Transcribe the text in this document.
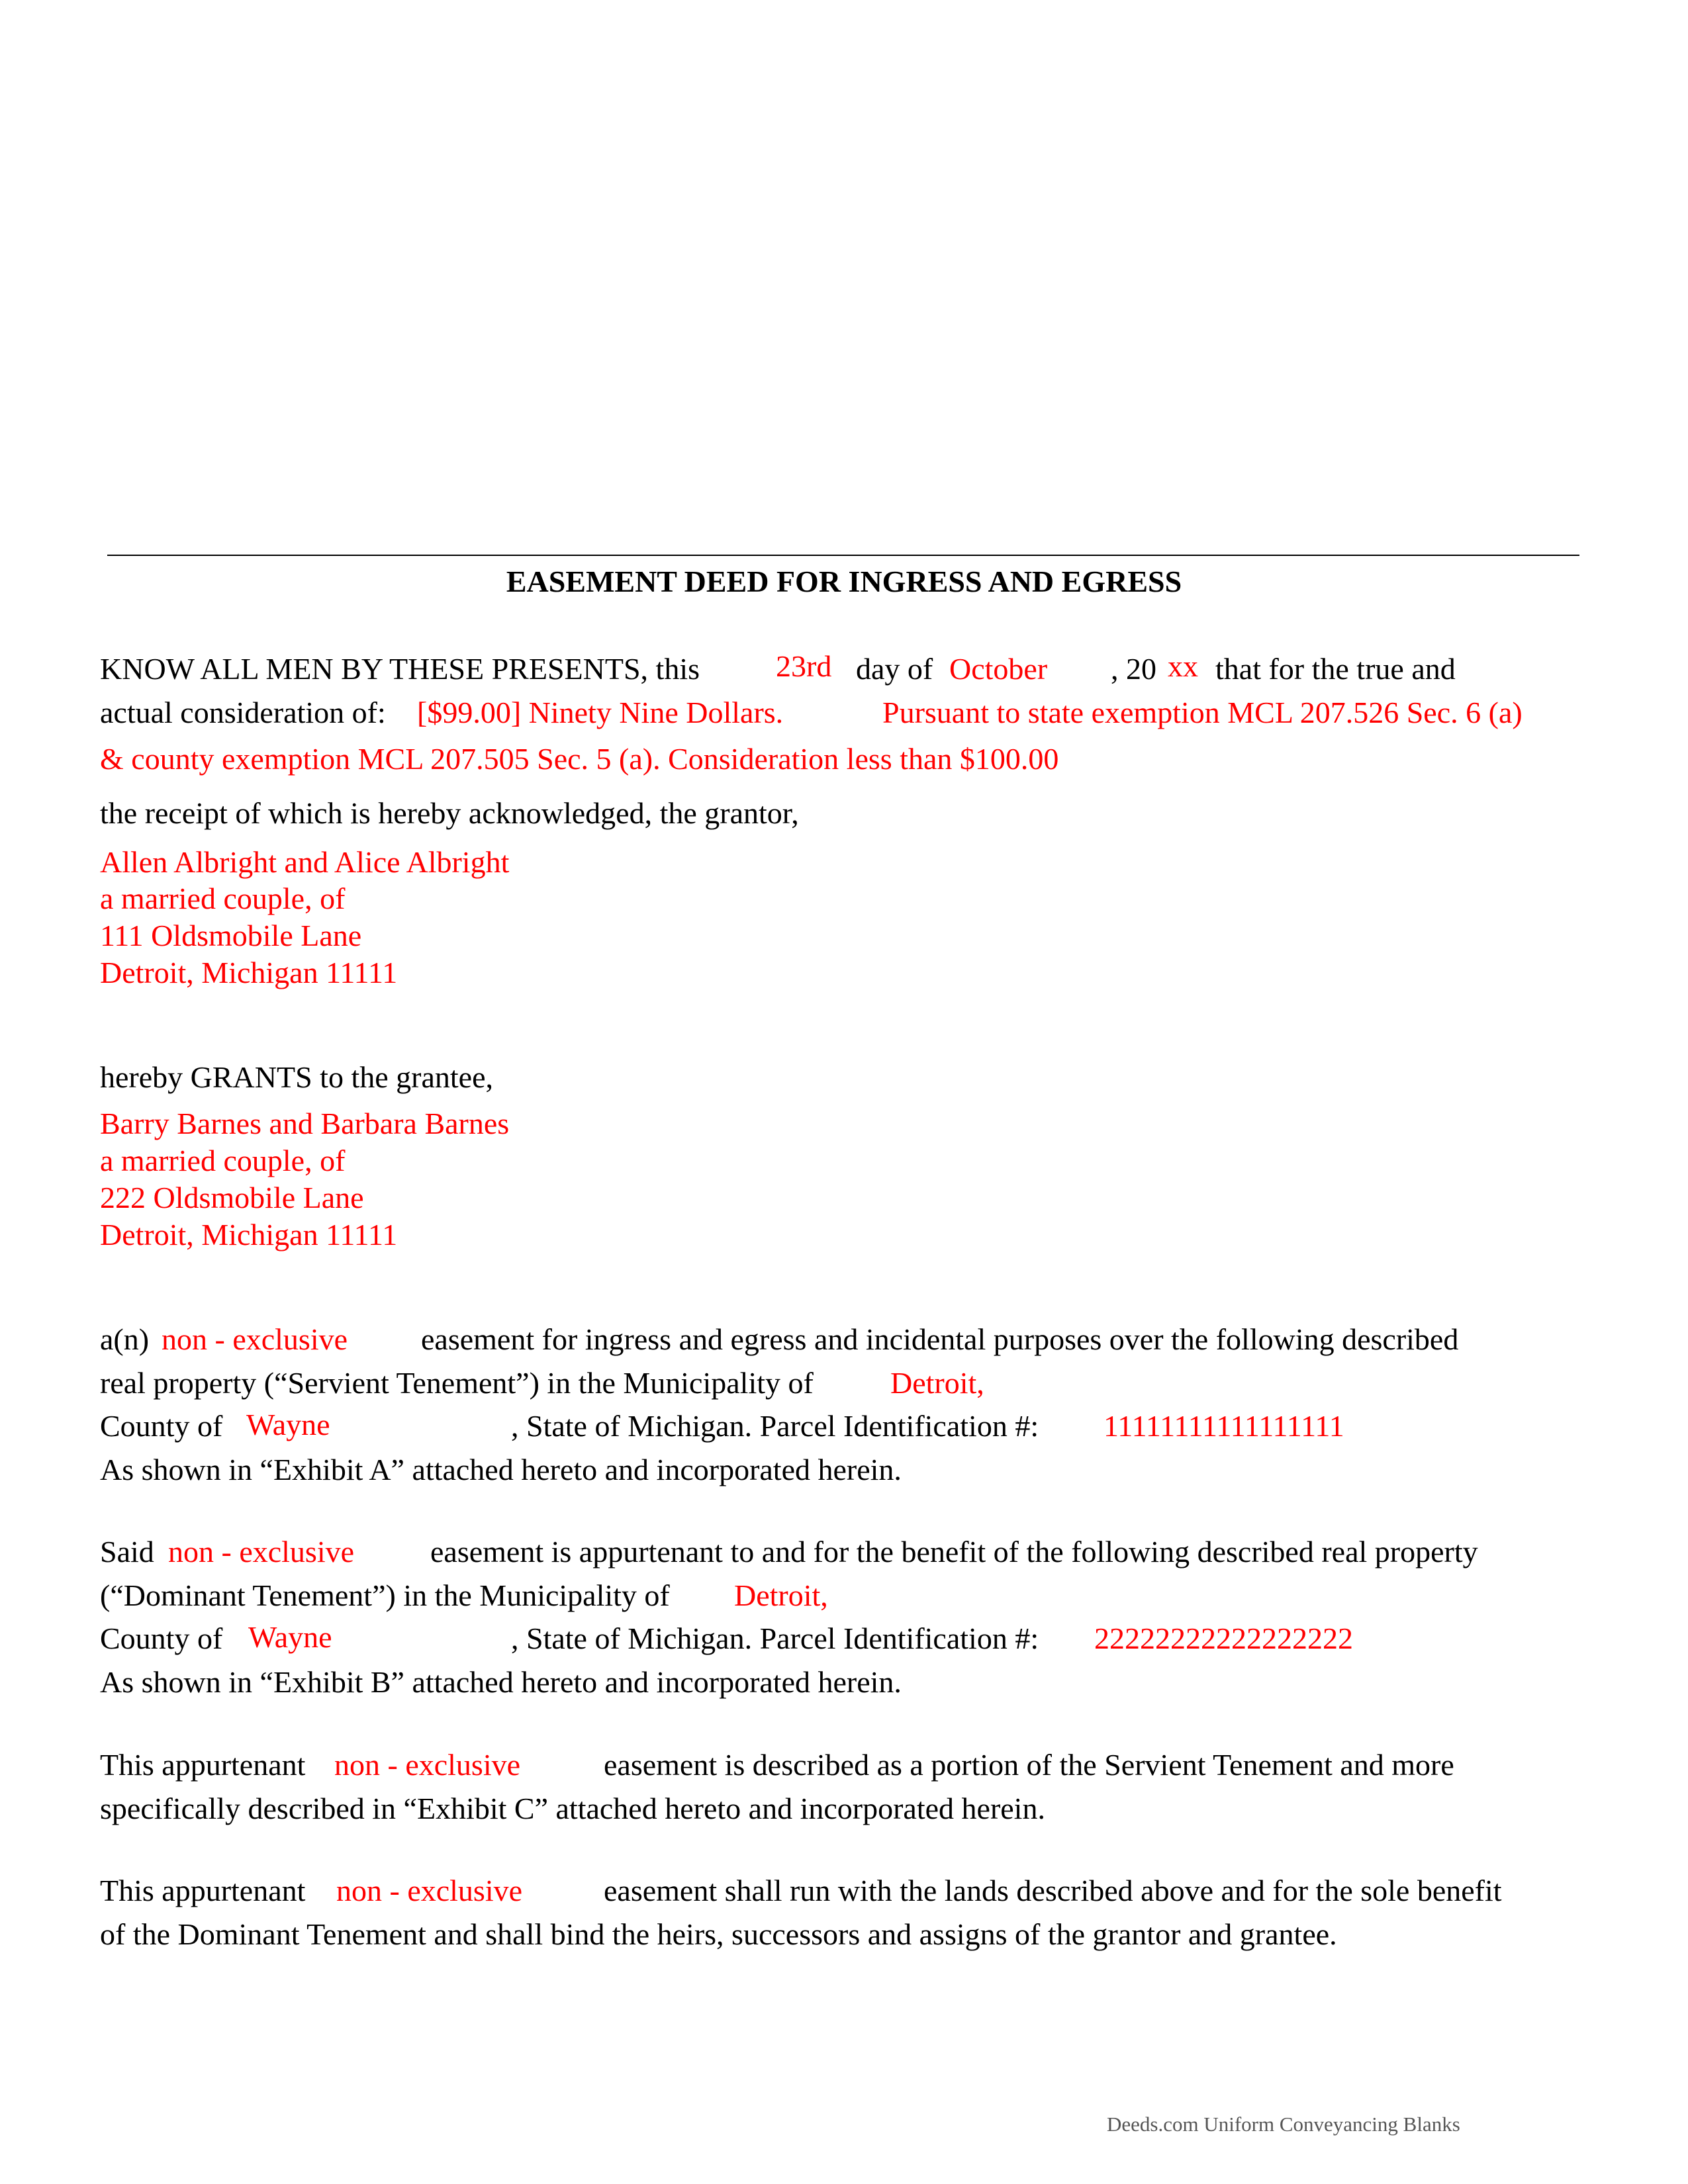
EASEMENT DEED FOR INGRESS AND EGRESS
KNOW ALL MEN BY THESE PRESENTS, this 23rd day of October , 20 xx that for the true and
actual consideration of: [$99.00] Ninety Nine Dollars.	Pursuant to state exemption MCL 207.526 Sec. 6 (a)
& county exemption MCL 207.505 Sec. 5 (a). Consideration less than $100.00
the receipt of which is hereby acknowledged, the grantor,
Allen Albright and Alice Albright
a married couple, of
111 Oldsmobile Lane
Detroit, Michigan 11111
hereby GRANTS to the grantee,
Barry Barnes and Barbara Barnes
a married couple, of
222 Oldsmobile Lane
Detroit, Michigan 11111
a(n) non - exclusive easement for ingress and egress and incidental purposes over the following described
real property (“Servient Tenement”) in the Municipality of	Detroit,
County of Wayne	, State of Michigan. Parcel Identification #: 11111111111111111
As shown in “Exhibit A” attached hereto and incorporated herein.
Said non - exclusive easement is appurtenant to and for the benefit of the following described real property
(“Dominant Tenement”) in the Municipality of Detroit,
County of Wayne	, State of Michigan. Parcel Identification #: 22222222222222222
As shown in “Exhibit B” attached hereto and incorporated herein.
This appurtenant non - exclusive	easement is described as a portion of the Servient Tenement and more
specifically described in “Exhibit C” attached hereto and incorporated herein.
This appurtenant non - exclusive	easement shall run with the lands described above and for the sole benefit
of the Dominant Tenement and shall bind the heirs, successors and assigns of the grantor and grantee.
Deeds.com Uniform Conveyancing Blanks
